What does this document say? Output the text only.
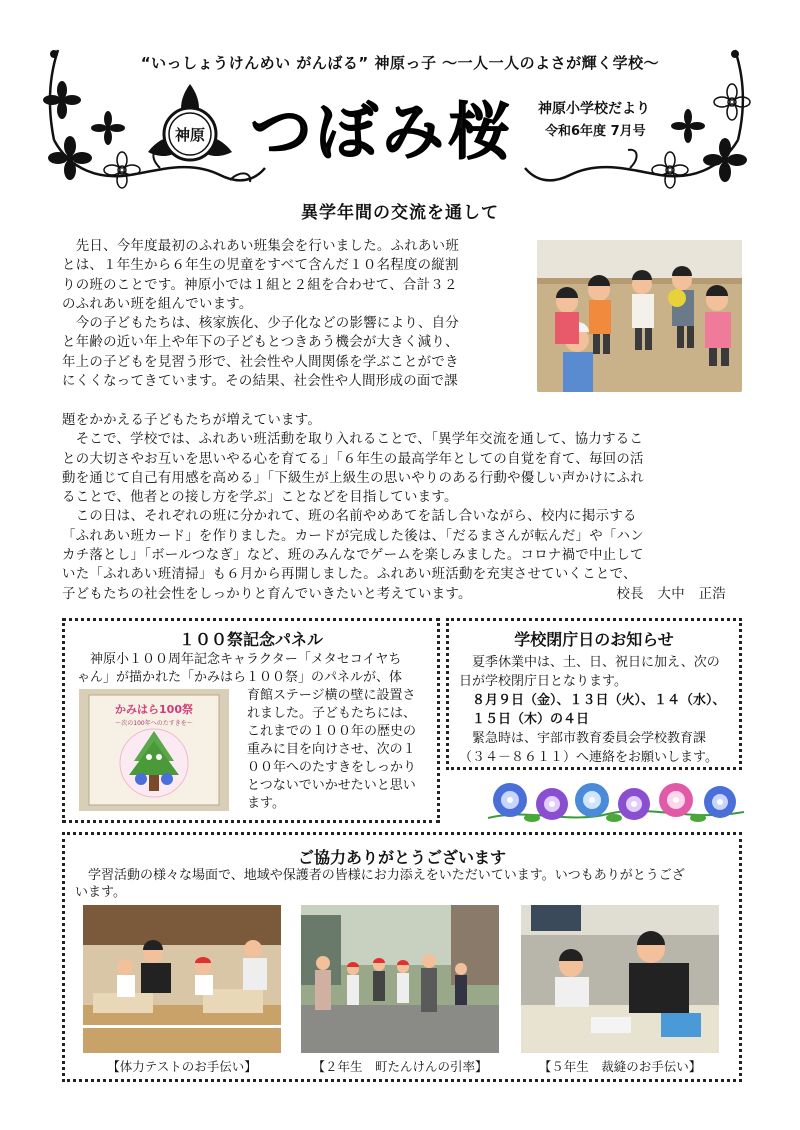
“いっしょうけんめい がんばる” 神原っ子 ～一人一人のよさが輝く学校～
神原 つぼみ桜 神原小学校だより
令和6年度 7月号
異学年間の交流を通して
　先日、今年度最初のふれあい班集会を行いました。ふれあい班
とは、１年生から６年生の児童をすべて含んだ１０名程度の縦割
りの班のことです。神原小では１組と２組を合わせて、合計３２
のふれあい班を組んでいます。
　今の子どもたちは、核家族化、少子化などの影響により、自分
と年齢の近い年上や年下の子どもとつきあう機会が大きく減り、
年上の子どもを見習う形で、社会性や人間関係を学ぶことができ
にくくなってきています。その結果、社会性や人間形成の面で課
題をかかえる子どもたちが増えています。
　そこで、学校では、ふれあい班活動を取り入れることで、「異学年交流を通して、協力するこ
との大切さやお互いを思いやる心を育てる」「６年生の最高学年としての自覚を育て、毎回の活
動を通じて自己有用感を高める」「下級生が上級生の思いやりのある行動や優しい声かけにふれ
ることで、他者との接し方を学ぶ」ことなどを目指しています。
　この日は、それぞれの班に分かれて、班の名前やめあてを話し合いながら、校内に掲示する
「ふれあい班カード」を作りました。カードが完成した後は、「だるまさんが転んだ」や「ハン
カチ落とし」「ボールつなぎ」など、班のみんなでゲームを楽しみました。コロナ禍で中止して
いた「ふれあい班清掃」も６月から再開しました。ふれあい班活動を充実させていくことで、
子どもたちの社会性をしっかりと育んでいきたいと考えています。	校長　大中　正浩
１００祭記念パネル
　神原小１００周年記念キャラクター「メタセコイヤち
ゃん」が描かれた「かみはら１００祭」のパネルが、体
育館ステージ横の壁に設置さ
れました。子どもたちには、
これまでの１００年の歴史の
重みに目を向けさせ、次の１
００年へのたすきをしっかり
とつないでいかせたいと思い
ます。
かみはら100祭
～次の100年へのたすきを～
学校閉庁日のお知らせ
　夏季休業中は、土、日、祝日に加え、次の
日が学校閉庁日となります。
　８月９日（金）、１３日（火）、１４（水）、
　１５日（木）の４日
　緊急時は、宇部市教育委員会学校教育課
（３４－８６１１）へ連絡をお願いします。
ご協力ありがとうございます
　学習活動の様々な場面で、地域や保護者の皆様にお力添えをいただいています。いつもありがとうござ
います。
【体力テストのお手伝い】	【２年生　町たんけんの引率】	【５年生　裁縫のお手伝い】
